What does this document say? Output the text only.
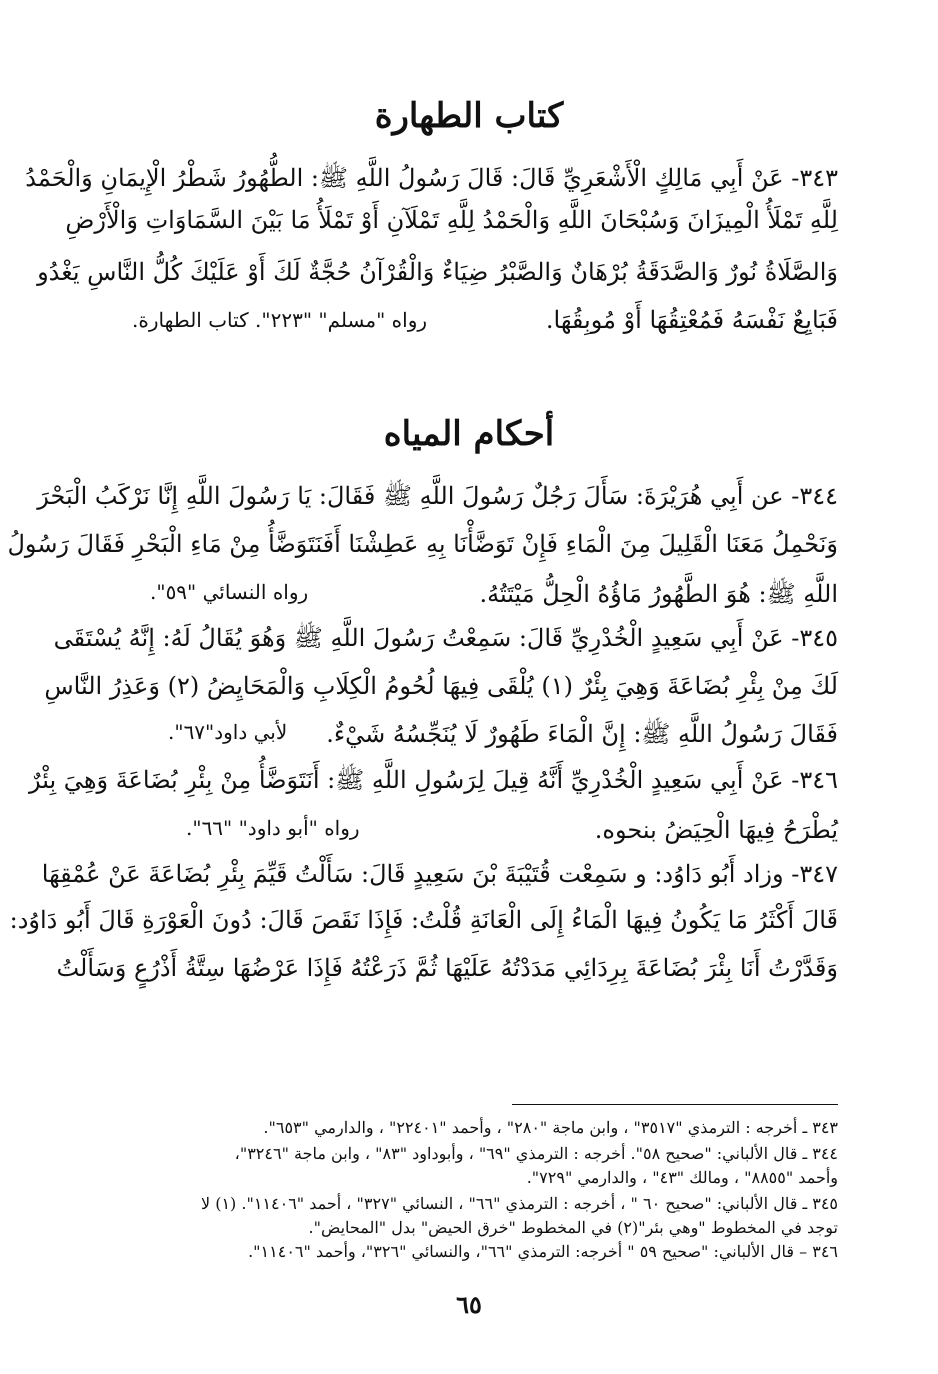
كتاب الطهارة
٣٤٣- عَنْ أَبِي مَالِكٍ الْأَشْعَرِيِّ قَالَ: قَالَ رَسُولُ اللَّهِ ﷺ: الطُّهُورُ شَطْرُ الْإِيمَانِ وَالْحَمْدُ
لِلَّهِ تَمْلَأُ الْمِيزَانَ وَسُبْحَانَ اللَّهِ وَالْحَمْدُ لِلَّهِ تَمْلَآنِ أَوْ تَمْلَأُ مَا بَيْنَ السَّمَاوَاتِ وَالْأَرْضِ
وَالصَّلَاةُ نُورٌ وَالصَّدَقَةُ بُرْهَانٌ وَالصَّبْرُ ضِيَاءٌ وَالْقُرْآنُ حُجَّةٌ لَكَ أَوْ عَلَيْكَ كُلُّ النَّاسِ يَغْدُو
فَبَايِعٌ نَفْسَهُ فَمُعْتِقُهَا أَوْ مُوبِقُهَا.
رواه "مسلم" "٢٢٣". كتاب الطهارة.
أحكام المياه
٣٤٤- عن أَبِي هُرَيْرَةَ: سَأَلَ رَجُلٌ رَسُولَ اللَّهِ ﷺ فَقَالَ: يَا رَسُولَ اللَّهِ إِنَّا نَرْكَبُ الْبَحْرَ
وَنَحْمِلُ مَعَنَا الْقَلِيلَ مِنَ الْمَاءِ فَإِنْ تَوَضَّأْنَا بِهِ عَطِشْنَا أَفَنَتَوَضَّأُ مِنْ مَاءِ الْبَحْرِ فَقَالَ رَسُولُ
اللَّهِ ﷺ: هُوَ الطَّهُورُ مَاؤُهُ الْحِلُّ مَيْتَتُهُ.
رواه النسائي "٥٩".
٣٤٥- عَنْ أَبِي سَعِيدٍ الْخُدْرِيِّ قَالَ: سَمِعْتُ رَسُولَ اللَّهِ ﷺ وَهُوَ يُقَالُ لَهُ: إِنَّهُ يُسْتَقَى
لَكَ مِنْ بِئْرِ بُضَاعَةَ وَهِيَ بِئْرٌ (١) يُلْقَى فِيهَا لُحُومُ الْكِلَابِ وَالْمَحَايِضُ (٢) وَعَذِرُ النَّاسِ
فَقَالَ رَسُولُ اللَّهِ ﷺ: إِنَّ الْمَاءَ طَهُورٌ لَا يُنَجِّسُهُ شَيْءٌ.
لأبي داود"٦٧".
٣٤٦- عَنْ أَبِي سَعِيدٍ الْخُدْرِيِّ أَنَّهُ قِيلَ لِرَسُولِ اللَّهِ ﷺ: أَنَتَوَضَّأُ مِنْ بِئْرِ بُضَاعَةَ وَهِيَ بِئْرٌ
يُطْرَحُ فِيهَا الْحِيَضُ بنحوه.
رواه "أبو داود" "٦٦".
٣٤٧- وزاد أَبُو دَاوُد: و سَمِعْت قُتَيْبَةَ بْنَ سَعِيدٍ قَالَ: سَأَلْتُ قَيِّمَ بِئْرِ بُضَاعَةَ عَنْ عُمْقِهَا
قَالَ أَكْثَرُ مَا يَكُونُ فِيهَا الْمَاءُ إِلَى الْعَانَةِ قُلْتُ: فَإِذَا نَقَصَ قَالَ: دُونَ الْعَوْرَةِ قَالَ أَبُو دَاوُد:
وَقَدَّرْتُ أَنَا بِئْرَ بُضَاعَةَ بِرِدَائِي مَدَدْتُهُ عَلَيْهَا ثُمَّ ذَرَعْتُهُ فَإِذَا عَرْضُهَا سِتَّةُ أَذْرُعٍ وَسَأَلْتُ
٣٤٣ ـ أخرجه : الترمذي "٣٥١٧" ، وابن ماجة "٢٨٠" ، وأحمد "٢٢٤٠١" ، والدارمي "٦٥٣".
٣٤٤ ـ قال الألباني: "صحيح ٥٨". أخرجه : الترمذي "٦٩" ، وأبوداود "٨٣" ، وابن ماجة "٣٢٤٦"،
وأحمد "٨٨٥٥" ، ومالك "٤٣" ، والدارمي "٧٢٩".
٣٤٥ ـ قال الألباني: "صحيح ٦٠ " ، أخرجه : الترمذي "٦٦" ، النسائي "٣٢٧" ، أحمد "١١٤٠٦". (١) لا
توجد في المخطوط "وهي بئر"(٢) في المخطوط "خرق الحيض" بدل "المحايض".
٣٤٦ – قال الألباني: "صحيح ٥٩ " أخرجه: الترمذي "٦٦"، والنسائي "٣٢٦"، وأحمد "١١٤٠٦".
٦٥
